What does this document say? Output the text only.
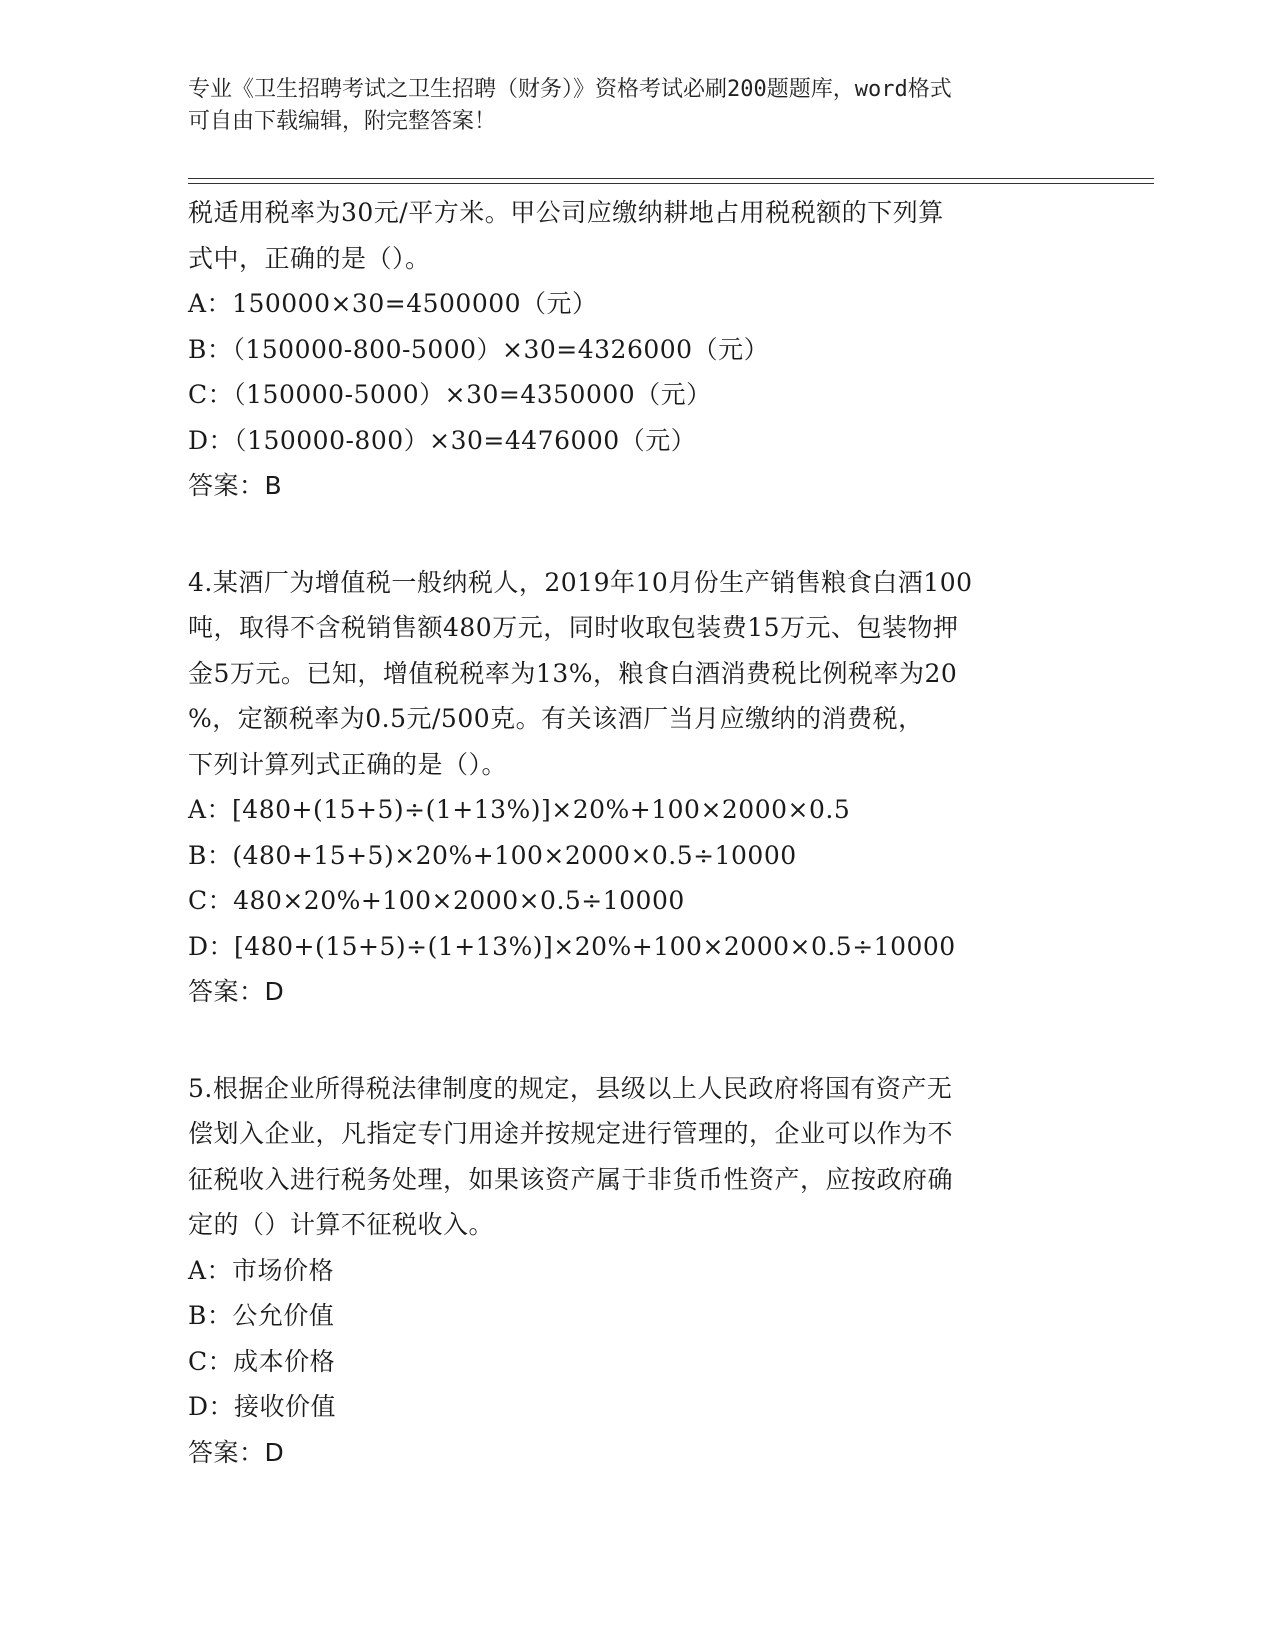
专业《卫生招聘考试之卫生招聘（财务）》资格考试必刷200题题库，word格式
可自由下载编辑，附完整答案！
税适用税率为30元/平方米。甲公司应缴纳耕地占用税税额的下列算
式中，正确的是（）。
A：150000×30=4500000（元）
B：（150000-800-5000）×30=4326000（元）
C：（150000-5000）×30=4350000（元）
D：（150000-800）×30=4476000（元）
答案：B
4.某酒厂为增值税一般纳税人，2019年10月份生产销售粮食白酒100
吨，取得不含税销售额480万元，同时收取包装费15万元、包装物押
金5万元。已知，增值税税率为13%，粮食白酒消费税比例税率为20
%，定额税率为0.5元/500克。有关该酒厂当月应缴纳的消费税，
下列计算列式正确的是（）。
A：[480+(15+5)÷(1+13%)]×20%+100×2000×0.5
B：(480+15+5)×20%+100×2000×0.5÷10000
C：480×20%+100×2000×0.5÷10000
D：[480+(15+5)÷(1+13%)]×20%+100×2000×0.5÷10000
答案：D
5.根据企业所得税法律制度的规定，县级以上人民政府将国有资产无
偿划入企业，凡指定专门用途并按规定进行管理的，企业可以作为不
征税收入进行税务处理，如果该资产属于非货币性资产，应按政府确
定的（）计算不征税收入。
A：市场价格
B：公允价值
C：成本价格
D：接收价值
答案：D
